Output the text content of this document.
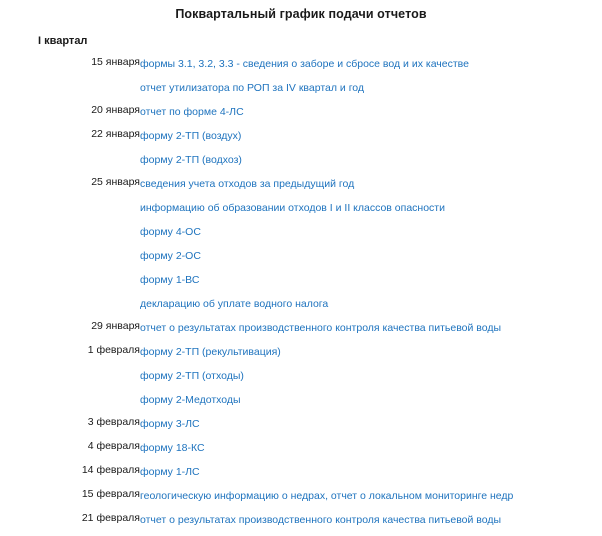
Поквартальный график подачи отчетов
I квартал
15 января	формы 3.1, 3.2, 3.3 - сведения о заборе и сбросе вод и их качестве
отчет утилизатора по РОП за IV квартал и год

20 января	отчет по форме 4-ЛС

22 января	форму 2-ТП (воздух)
форму 2-ТП (водхоз)

25 января	сведения учета отходов за предыдущий год
информацию об образовании отходов I и II классов опасности
форму 4-ОС
форму 2-ОС
форму 1-ВС
декларацию об уплате водного налога

29 января	отчет о результатах производственного контроля качества питьевой воды

1 февраля	форму 2-ТП (рекультивация)
форму 2-ТП (отходы)
форму 2-Медотходы

3 февраля	форму 3-ЛС

4 февраля	форму 18-КС

14 февраля	форму 1-ЛС

15 февраля	геологическую информацию о недрах, отчет о локальном мониторинге недр

21 февраля	отчет о результатах производственного контроля качества питьевой воды
